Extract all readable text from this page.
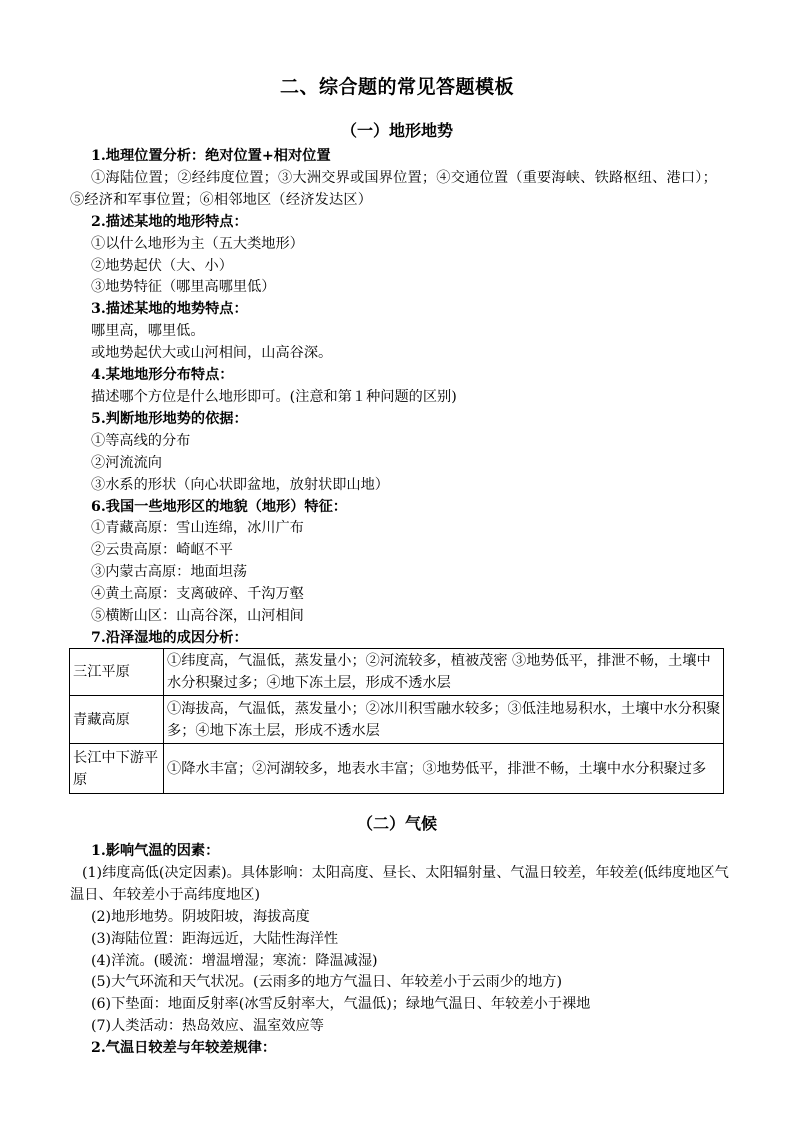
二、综合题的常见答题模板
（一）地形地势

1.地理位置分析：绝对位置+相对位置

①海陆位置；②经纬度位置；③大洲交界或国界位置；④交通位置（重要海峡、铁路枢纽、港口）；⑤经济和军事位置；⑥相邻地区（经济发达区）

2.描述某地的地形特点：

①以什么地形为主（五大类地形）

②地势起伏（大、小）

③地势特征（哪里高哪里低）

3.描述某地的地势特点：

哪里高，哪里低。

或地势起伏大或山河相间，山高谷深。

4.某地地形分布特点：

描述哪个方位是什么地形即可。(注意和第１种问题的区别)

5.判断地形地势的依据：

①等高线的分布

②河流流向

③水系的形状（向心状即盆地，放射状即山地）

6.我国一些地形区的地貌（地形）特征：

①青藏高原：雪山连绵，冰川广布

②云贵高原：崎岖不平

③内蒙古高原：地面坦荡

④黄土高原：支离破碎、千沟万壑

⑤横断山区：山高谷深，山河相间

7.沿泽湿地的成因分析：

三江平原	①纬度高，气温低，蒸发量小；②河流较多，植被茂密 ③地势低平，排泄不畅，土壤中水分积聚过多；④地下冻土层，形成不透水层
青藏高原	①海拔高，气温低，蒸发量小；②冰川积雪融水较多；③低洼地易积水，土壤中水分积聚多；④地下冻土层，形成不透水层
长江中下游平原	①降水丰富；②河湖较多，地表水丰富；③地势低平，排泄不畅，土壤中水分积聚过多
（二）气候

1.影响气温的因素：

(1)纬度高低(决定因素)。具体影响：太阳高度、昼长、太阳辐射量、气温日较差，年较差(低纬度地区气温日、年较差小于高纬度地区)

(2)地形地势。阴坡阳坡，海拔高度

(3)海陆位置：距海远近，大陆性海洋性

(4)洋流。(暖流：增温增湿；寒流：降温减湿)

(5)大气环流和天气状况。(云雨多的地方气温日、年较差小于云雨少的地方)

(6)下垫面：地面反射率(冰雪反射率大，气温低)；绿地气温日、年较差小于裸地

(7)人类活动：热岛效应、温室效应等

2.气温日较差与年较差规律：
